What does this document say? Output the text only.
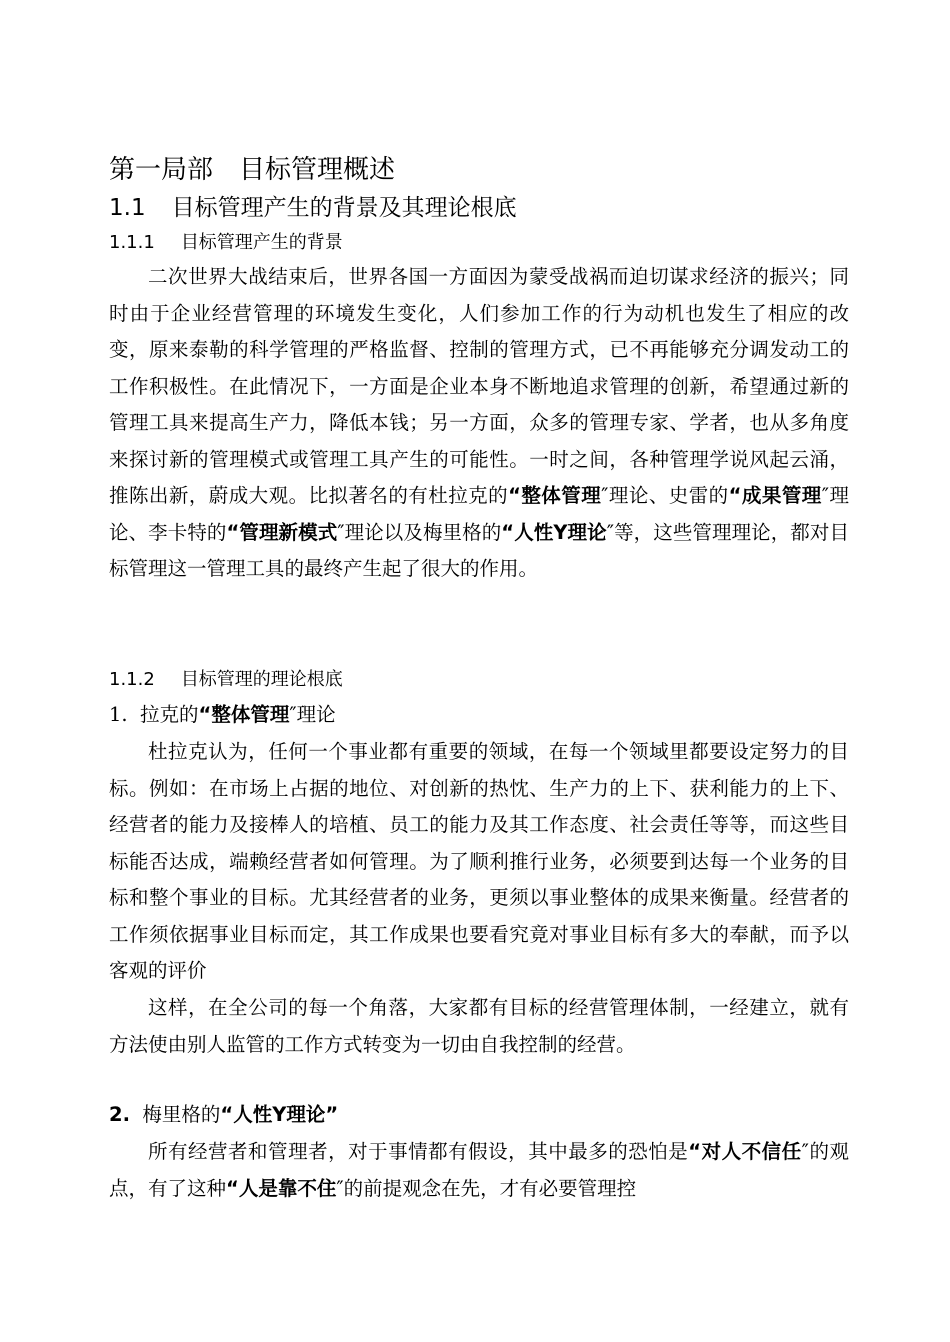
第一局部 目标管理概述
1.1 目标管理产生的背景及其理论根底
1.1.1 目标管理产生的背景
二次世界大战结束后，世界各国一方面因为蒙受战祸而迫切谋求经济的振兴；同时由于企业经营管理的环境发生变化，人们参加工作的行为动机也发生了相应的改变，原来泰勒的科学管理的严格监督、控制的管理方式，已不再能够充分调发动工的工作积极性。在此情况下，一方面是企业本身不断地追求管理的创新，希望通过新的管理工具来提高生产力，降低本钱；另一方面，众多的管理专家、学者，也从多角度来探讨新的管理模式或管理工具产生的可能性。一时之间，各种管理学说风起云涌，推陈出新，蔚成大观。比拟著名的有杜拉克的“整体管理″理论、史雷的“成果管理″理论、李卡特的“管理新模式″理论以及梅里格的“人性Y理论″等，这些管理理论，都对目标管理这一管理工具的最终产生起了很大的作用。
1.1.2 目标管理的理论根底
1. 拉克的“整体管理″理论
杜拉克认为，任何一个事业都有重要的领域，在每一个领域里都要设定努力的目标。例如：在市场上占据的地位、对创新的热忱、生产力的上下、获利能力的上下、经营者的能力及接棒人的培植、员工的能力及其工作态度、社会责任等等，而这些目标能否达成，端赖经营者如何管理。为了顺利推行业务，必须要到达每一个业务的目标和整个事业的目标。尤其经营者的业务，更须以事业整体的成果来衡量。经营者的工作须依据事业目标而定，其工作成果也要看究竟对事业目标有多大的奉献，而予以客观的评价
这样，在全公司的每一个角落，大家都有目标的经营管理体制，一经建立，就有方法使由别人监管的工作方式转变为一切由自我控制的经营。
2. 梅里格的“人性Y理论”
所有经营者和管理者，对于事情都有假设，其中最多的恐怕是“对人不信任″的观点，有了这种“人是靠不住″的前提观念在先，才有必要管理控
